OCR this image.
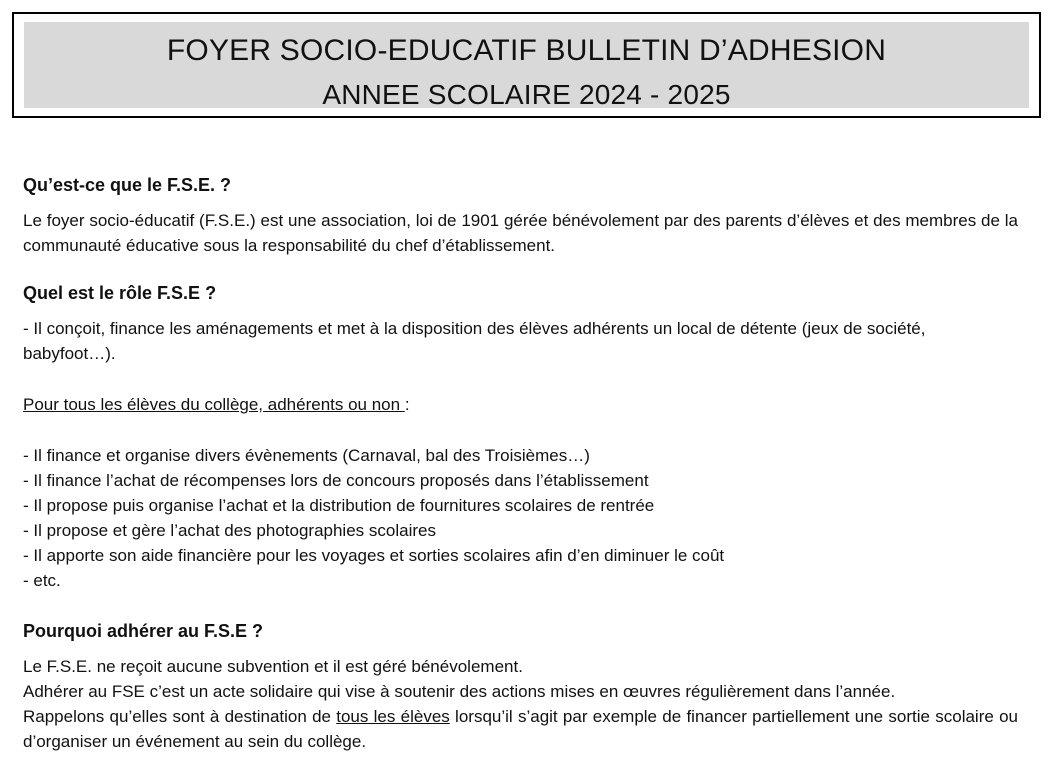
FOYER SOCIO-EDUCATIF BULLETIN D’ADHESION
ANNEE SCOLAIRE 2024 - 2025
Qu’est-ce que le F.S.E. ?

Le foyer socio-éducatif (F.S.E.) est une association, loi de 1901 gérée bénévolement par des parents d’élèves et des membres de la communauté éducative sous la responsabilité du chef d’établissement.

Quel est le rôle F.S.E ?

- Il conçoit, finance les aménagements et met à la disposition des élèves adhérents un local de détente (jeux de société, babyfoot…).

Pour tous les élèves du collège, adhérents ou non :

- Il finance et organise divers évènements (Carnaval, bal des Troisièmes…)
- Il finance l’achat de récompenses lors de concours proposés dans l’établissement
- Il propose puis organise l’achat et la distribution de fournitures scolaires de rentrée
- Il propose et gère l’achat des photographies scolaires
- Il apporte son aide financière pour les voyages et sorties scolaires afin d’en diminuer le coût
- etc.
Pourquoi adhérer au F.S.E ?

Le F.S.E. ne reçoit aucune subvention et il est géré bénévolement.

Adhérer au FSE c’est un acte solidaire qui vise à soutenir des actions mises en œuvres régulièrement dans l’année.

Rappelons qu’elles sont à destination de tous les élèves lorsqu’il s’agit par exemple de financer partiellement une sortie scolaire ou d’organiser un événement au sein du collège.
